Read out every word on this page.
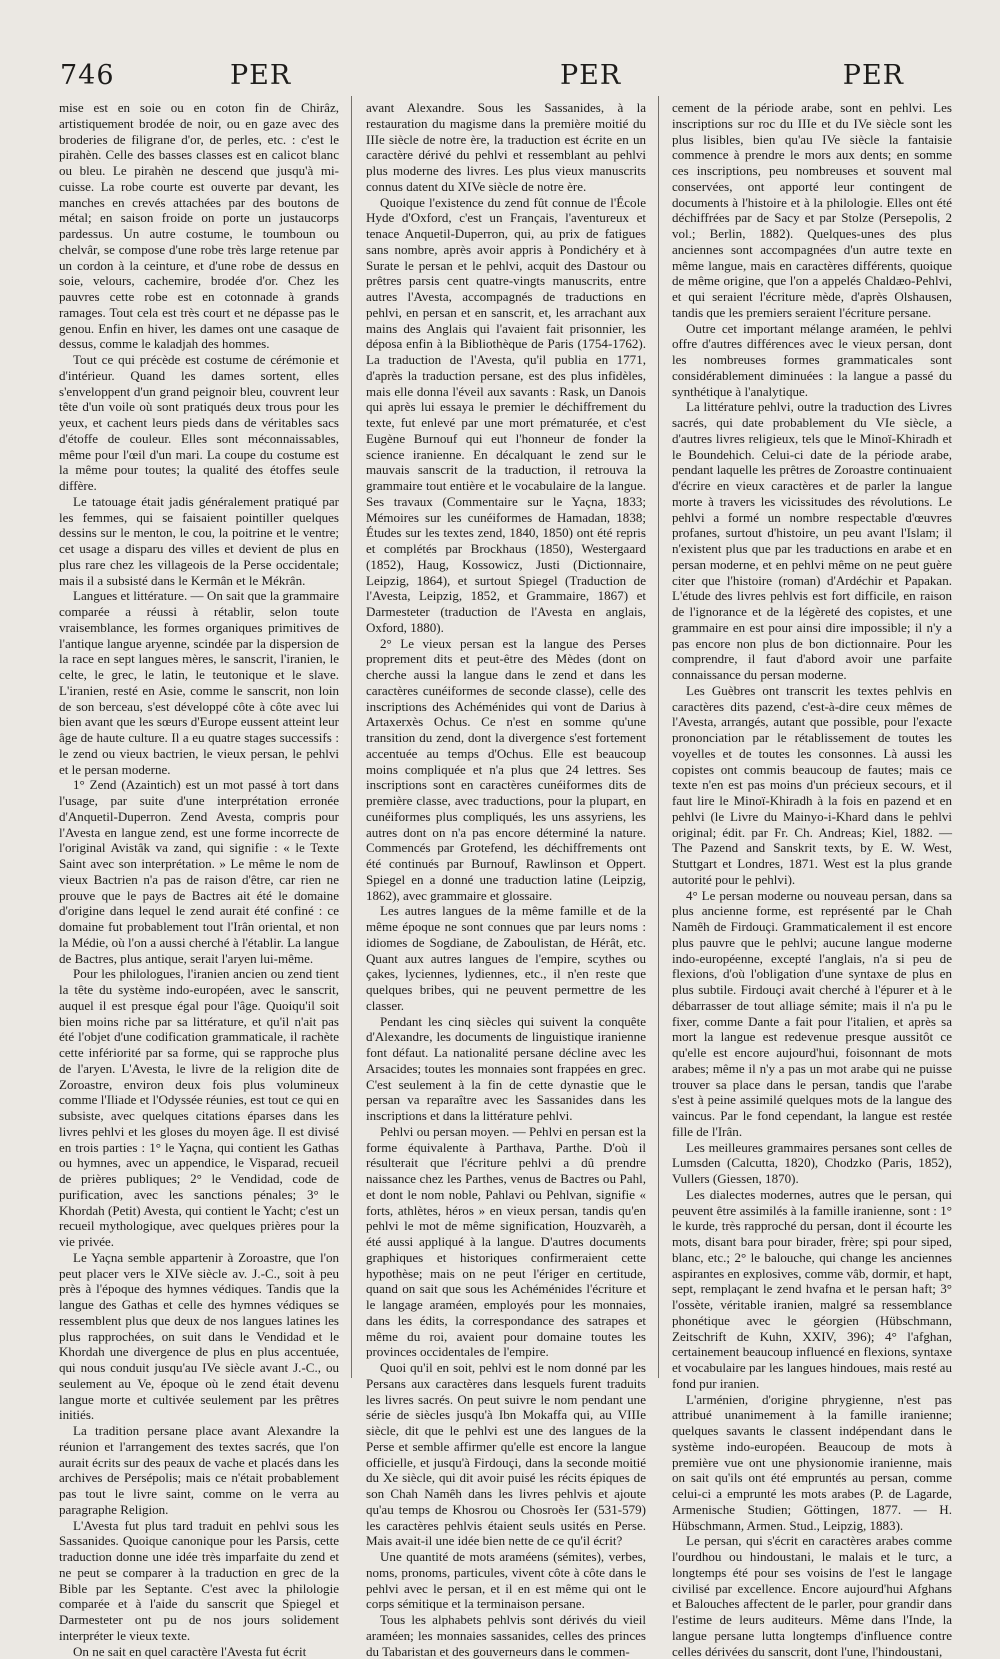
746	PER	PER	PER

mise est en soie ou en coton fin de Chirâz, artistiquement brodée de noir, ou en gaze avec des broderies de filigrane d'or, de perles, etc. : c'est le pirahèn. Celle des basses classes est en calicot blanc ou bleu. Le pirahèn ne descend que jusqu'à mi-cuisse. La robe courte est ouverte par devant, les manches en crevés attachées par des boutons de métal; en saison froide on porte un justaucorps pardessus. Un autre costume, le toumboun ou chelvâr, se compose d'une robe très large retenue par un cordon à la ceinture, et d'une robe de dessus en soie, velours, cachemire, brodée d'or. Chez les pauvres cette robe est en cotonnade à grands ramages. Tout cela est très court et ne dépasse pas le genou. Enfin en hiver, les dames ont une casaque de dessus, comme le kaladjah des hommes.

Tout ce qui précède est costume de cérémonie et d'intérieur. Quand les dames sortent, elles s'enveloppent d'un grand peignoir bleu, couvrent leur tête d'un voile où sont pratiqués deux trous pour les yeux, et cachent leurs pieds dans de véritables sacs d'étoffe de couleur. Elles sont méconnaissables, même pour l'œil d'un mari. La coupe du costume est la même pour toutes; la qualité des étoffes seule diffère.

Le tatouage était jadis généralement pratiqué par les femmes, qui se faisaient pointiller quelques dessins sur le menton, le cou, la poitrine et le ventre; cet usage a disparu des villes et devient de plus en plus rare chez les villageois de la Perse occidentale; mais il a subsisté dans le Kermân et le Mékrân.

Langues et littérature. — On sait que la grammaire comparée a réussi à rétablir, selon toute vraisemblance, les formes organiques primitives de l'antique langue aryenne, scindée par la dispersion de la race en sept langues mères, le sanscrit, l'iranien, le celte, le grec, le latin, le teutonique et le slave. L'iranien, resté en Asie, comme le sanscrit, non loin de son berceau, s'est développé côte à côte avec lui bien avant que les sœurs d'Europe eussent atteint leur âge de haute culture. Il a eu quatre stages successifs : le zend ou vieux bactrien, le vieux persan, le pehlvi et le persan moderne.

1° Zend (Azaintich) est un mot passé à tort dans l'usage, par suite d'une interprétation erronée d'Anquetil-Duperron. Zend Avesta, compris pour l'Avesta en langue zend, est une forme incorrecte de l'original Avistâk va zand, qui signifie : « le Texte Saint avec son interprétation. » Le même le nom de vieux Bactrien n'a pas de raison d'être, car rien ne prouve que le pays de Bactres ait été le domaine d'origine dans lequel le zend aurait été confiné : ce domaine fut probablement tout l'Irân oriental, et non la Médie, où l'on a aussi cherché à l'établir. La langue de Bactres, plus antique, serait l'aryen lui-même.

Pour les philologues, l'iranien ancien ou zend tient la tête du système indo-européen, avec le sanscrit, auquel il est presque égal pour l'âge. Quoiqu'il soit bien moins riche par sa littérature, et qu'il n'ait pas été l'objet d'une codification grammaticale, il rachète cette infériorité par sa forme, qui se rapproche plus de l'aryen. L'Avesta, le livre de la religion dite de Zoroastre, environ deux fois plus volumineux comme l'Iliade et l'Odyssée réunies, est tout ce qui en subsiste, avec quelques citations éparses dans les livres pehlvi et les gloses du moyen âge. Il est divisé en trois parties : 1° le Yaçna, qui contient les Gathas ou hymnes, avec un appendice, le Visparad, recueil de prières publiques; 2° le Vendidad, code de purification, avec les sanctions pénales; 3° le Khordah (Petit) Avesta, qui contient le Yacht; c'est un recueil mythologique, avec quelques prières pour la vie privée.

Le Yaçna semble appartenir à Zoroastre, que l'on peut placer vers le XIVe siècle av. J.-C., soit à peu près à l'époque des hymnes védiques. Tandis que la langue des Gathas et celle des hymnes védiques se ressemblent plus que deux de nos langues latines les plus rapprochées, on suit dans le Vendidad et le Khordah une divergence de plus en plus accentuée, qui nous conduit jusqu'au IVe siècle avant J.-C., ou seulement au Ve, époque où le zend était devenu langue morte et cultivée seulement par les prêtres initiés.

La tradition persane place avant Alexandre la réunion et l'arrangement des textes sacrés, que l'on aurait écrits sur des peaux de vache et placés dans les archives de Persépolis; mais ce n'était probablement pas tout le livre saint, comme on le verra au paragraphe Religion.

L'Avesta fut plus tard traduit en pehlvi sous les Sassanides. Quoique canonique pour les Parsis, cette traduction donne une idée très imparfaite du zend et ne peut se comparer à la traduction en grec de la Bible par les Septante. C'est avec la philologie comparée et à l'aide du sanscrit que Spiegel et Darmesteter ont pu de nos jours solidement interpréter le vieux texte.

On ne sait en quel caractère l'Avesta fut écrit

avant Alexandre. Sous les Sassanides, à la restauration du magisme dans la première moitié du IIIe siècle de notre ère, la traduction est écrite en un caractère dérivé du pehlvi et ressemblant au pehlvi plus moderne des livres. Les plus vieux manuscrits connus datent du XIVe siècle de notre ère.

Quoique l'existence du zend fût connue de l'École Hyde d'Oxford, c'est un Français, l'aventureux et tenace Anquetil-Duperron, qui, au prix de fatigues sans nombre, après avoir appris à Pondichéry et à Surate le persan et le pehlvi, acquit des Dastour ou prêtres parsis cent quatre-vingts manuscrits, entre autres l'Avesta, accompagnés de traductions en pehlvi, en persan et en sanscrit, et, les arrachant aux mains des Anglais qui l'avaient fait prisonnier, les déposa enfin à la Bibliothèque de Paris (1754-1762). La traduction de l'Avesta, qu'il publia en 1771, d'après la traduction persane, est des plus infidèles, mais elle donna l'éveil aux savants : Rask, un Danois qui après lui essaya le premier le déchiffrement du texte, fut enlevé par une mort prématurée, et c'est Eugène Burnouf qui eut l'honneur de fonder la science iranienne. En décalquant le zend sur le mauvais sanscrit de la traduction, il retrouva la grammaire tout entière et le vocabulaire de la langue. Ses travaux (Commentaire sur le Yaçna, 1833; Mémoires sur les cunéiformes de Hamadan, 1838; Études sur les textes zend, 1840, 1850) ont été repris et complétés par Brockhaus (1850), Westergaard (1852), Haug, Kossowicz, Justi (Dictionnaire, Leipzig, 1864), et surtout Spiegel (Traduction de l'Avesta, Leipzig, 1852, et Grammaire, 1867) et Darmesteter (traduction de l'Avesta en anglais, Oxford, 1880).

2° Le vieux persan est la langue des Perses proprement dits et peut-être des Mèdes (dont on cherche aussi la langue dans le zend et dans les caractères cunéiformes de seconde classe), celle des inscriptions des Achéménides qui vont de Darius à Artaxerxès Ochus. Ce n'est en somme qu'une transition du zend, dont la divergence s'est fortement accentuée au temps d'Ochus. Elle est beaucoup moins compliquée et n'a plus que 24 lettres. Ses inscriptions sont en caractères cunéiformes dits de première classe, avec traductions, pour la plupart, en cunéiformes plus compliqués, les uns assyriens, les autres dont on n'a pas encore déterminé la nature. Commencés par Grotefend, les déchiffrements ont été continués par Burnouf, Rawlinson et Oppert. Spiegel en a donné une traduction latine (Leipzig, 1862), avec grammaire et glossaire.

Les autres langues de la même famille et de la même époque ne sont connues que par leurs noms : idiomes de Sogdiane, de Zaboulistan, de Hérât, etc. Quant aux autres langues de l'empire, scythes ou çakes, lyciennes, lydiennes, etc., il n'en reste que quelques bribes, qui ne peuvent permettre de les classer.

Pendant les cinq siècles qui suivent la conquête d'Alexandre, les documents de linguistique iranienne font défaut. La nationalité persane décline avec les Arsacides; toutes les monnaies sont frappées en grec. C'est seulement à la fin de cette dynastie que le persan va reparaître avec les Sassanides dans les inscriptions et dans la littérature pehlvi.

Pehlvi ou persan moyen. — Pehlvi en persan est la forme équivalente à Parthava, Parthe. D'où il résulterait que l'écriture pehlvi a dû prendre naissance chez les Parthes, venus de Bactres ou Pahl, et dont le nom noble, Pahlavi ou Pehlvan, signifie « forts, athlètes, héros » en vieux persan, tandis qu'en pehlvi le mot de même signification, Houzvarèh, a été aussi appliqué à la langue. D'autres documents graphiques et historiques confirmeraient cette hypothèse; mais on ne peut l'ériger en certitude, quand on sait que sous les Achéménides l'écriture et le langage araméen, employés pour les monnaies, dans les édits, la correspondance des satrapes et même du roi, avaient pour domaine toutes les provinces occidentales de l'empire.

Quoi qu'il en soit, pehlvi est le nom donné par les Persans aux caractères dans lesquels furent traduits les livres sacrés. On peut suivre le nom pendant une série de siècles jusqu'à Ibn Mokaffa qui, au VIIIe siècle, dit que le pehlvi est une des langues de la Perse et semble affirmer qu'elle est encore la langue officielle, et jusqu'à Firdouçi, dans la seconde moitié du Xe siècle, qui dit avoir puisé les récits épiques de son Chah Namêh dans les livres pehlvis et ajoute qu'au temps de Khosrou ou Chosroès Ier (531-579) les caractères pehlvis étaient seuls usités en Perse. Mais avait-il une idée bien nette de ce qu'il écrit?

Une quantité de mots araméens (sémites), verbes, noms, pronoms, particules, vivent côte à côte dans le pehlvi avec le persan, et il en est même qui ont le corps sémitique et la terminaison persane.

Tous les alphabets pehlvis sont dérivés du vieil araméen; les monnaies sassanides, celles des princes du Tabaristan et des gouverneurs dans le commen-

cement de la période arabe, sont en pehlvi. Les inscriptions sur roc du IIIe et du IVe siècle sont les plus lisibles, bien qu'au IVe siècle la fantaisie commence à prendre le mors aux dents; en somme ces inscriptions, peu nombreuses et souvent mal conservées, ont apporté leur contingent de documents à l'histoire et à la philologie. Elles ont été déchiffrées par de Sacy et par Stolze (Persepolis, 2 vol.; Berlin, 1882). Quelques-unes des plus anciennes sont accompagnées d'un autre texte en même langue, mais en caractères différents, quoique de même origine, que l'on a appelés Chaldæo-Pehlvi, et qui seraient l'écriture mède, d'après Olshausen, tandis que les premiers seraient l'écriture persane.

Outre cet important mélange araméen, le pehlvi offre d'autres différences avec le vieux persan, dont les nombreuses formes grammaticales sont considérablement diminuées : la langue a passé du synthétique à l'analytique.

La littérature pehlvi, outre la traduction des Livres sacrés, qui date probablement du VIe siècle, a d'autres livres religieux, tels que le Minoï-Khiradh et le Boundehich. Celui-ci date de la période arabe, pendant laquelle les prêtres de Zoroastre continuaient d'écrire en vieux caractères et de parler la langue morte à travers les vicissitudes des révolutions. Le pehlvi a formé un nombre respectable d'œuvres profanes, surtout d'histoire, un peu avant l'Islam; il n'existent plus que par les traductions en arabe et en persan moderne, et en pehlvi même on ne peut guère citer que l'histoire (roman) d'Ardéchir et Papakan. L'étude des livres pehlvis est fort difficile, en raison de l'ignorance et de la légèreté des copistes, et une grammaire en est pour ainsi dire impossible; il n'y a pas encore non plus de bon dictionnaire. Pour les comprendre, il faut d'abord avoir une parfaite connaissance du persan moderne.

Les Guèbres ont transcrit les textes pehlvis en caractères dits pazend, c'est-à-dire ceux mêmes de l'Avesta, arrangés, autant que possible, pour l'exacte prononciation par le rétablissement de toutes les voyelles et de toutes les consonnes. Là aussi les copistes ont commis beaucoup de fautes; mais ce texte n'en est pas moins d'un précieux secours, et il faut lire le Minoï-Khiradh à la fois en pazend et en pehlvi (le Livre du Mainyo-i-Khard dans le pehlvi original; édit. par Fr. Ch. Andreas; Kiel, 1882. — The Pazend and Sanskrit texts, by E. W. West, Stuttgart et Londres, 1871. West est la plus grande autorité pour le pehlvi).

4° Le persan moderne ou nouveau persan, dans sa plus ancienne forme, est représenté par le Chah Namêh de Firdouçi. Grammaticalement il est encore plus pauvre que le pehlvi; aucune langue moderne indo-européenne, excepté l'anglais, n'a si peu de flexions, d'où l'obligation d'une syntaxe de plus en plus subtile. Firdouçi avait cherché à l'épurer et à le débarrasser de tout alliage sémite; mais il n'a pu le fixer, comme Dante a fait pour l'italien, et après sa mort la langue est redevenue presque aussitôt ce qu'elle est encore aujourd'hui, foisonnant de mots arabes; même il n'y a pas un mot arabe qui ne puisse trouver sa place dans le persan, tandis que l'arabe s'est à peine assimilé quelques mots de la langue des vaincus. Par le fond cependant, la langue est restée fille de l'Irân.

Les meilleures grammaires persanes sont celles de Lumsden (Calcutta, 1820), Chodzko (Paris, 1852), Vullers (Giessen, 1870).

Les dialectes modernes, autres que le persan, qui peuvent être assimilés à la famille iranienne, sont : 1° le kurde, très rapproché du persan, dont il écourte les mots, disant bara pour birader, frère; spi pour siped, blanc, etc.; 2° le balouche, qui change les anciennes aspirantes en explosives, comme vâb, dormir, et hapt, sept, remplaçant le zend hvafna et le persan haft; 3° l'ossète, véritable iranien, malgré sa ressemblance phonétique avec le géorgien (Hübschmann, Zeitschrift de Kuhn, XXIV, 396); 4° l'afghan, certainement beaucoup influencé en flexions, syntaxe et vocabulaire par les langues hindoues, mais resté au fond pur iranien.

L'arménien, d'origine phrygienne, n'est pas attribué unanimement à la famille iranienne; quelques savants le classent indépendant dans le système indo-européen. Beaucoup de mots à première vue ont une physionomie iranienne, mais on sait qu'ils ont été empruntés au persan, comme celui-ci a emprunté les mots arabes (P. de Lagarde, Armenische Studien; Göttingen, 1877. — H. Hübschmann, Armen. Stud., Leipzig, 1883).

Le persan, qui s'écrit en caractères arabes comme l'ourdhou ou hindoustani, le malais et le turc, a longtemps été pour ses voisins de l'est le langage civilisé par excellence. Encore aujourd'hui Afghans et Balouches affectent de le parler, pour grandir dans l'estime de leurs auditeurs. Même dans l'Inde, la langue persane lutta longtemps d'influence contre celles dérivées du sanscrit, dont l'une, l'hindoustani,
